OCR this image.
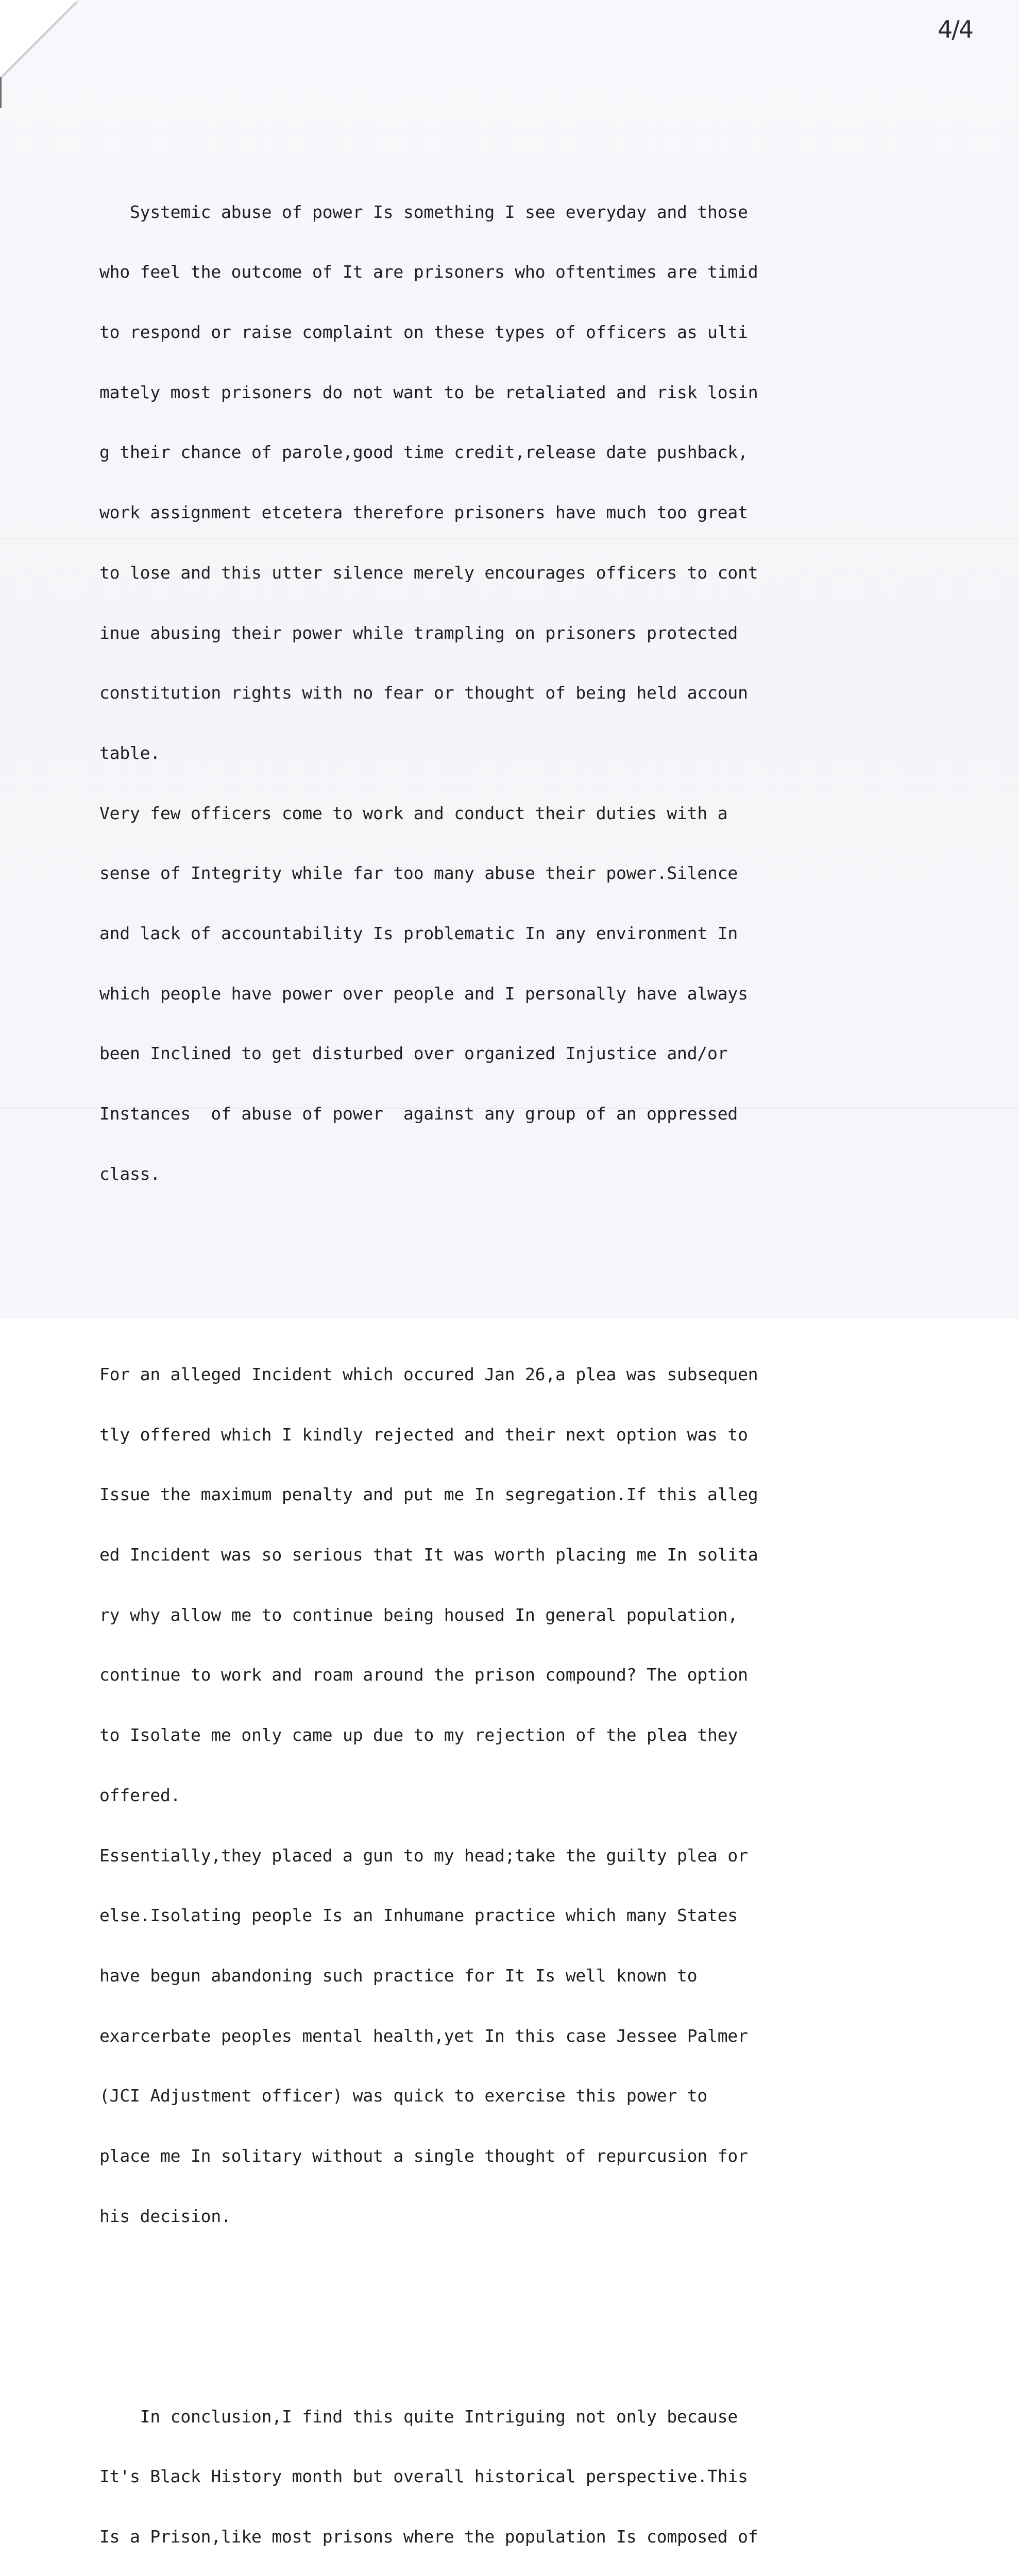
4/4

Systemic abuse of power Is something I see everyday and those

who feel the outcome of It are prisoners who oftentimes are timid

to respond or raise complaint on these types of officers as ulti

mately most prisoners do not want to be retaliated and risk losin

g their chance of parole,good time credit,release date pushback,

work assignment etcetera therefore prisoners have much too great

to lose and this utter silence merely encourages officers to cont

inue abusing their power while trampling on prisoners protected

constitution rights with no fear or thought of being held accoun

table.

Very few officers come to work and conduct their duties with a

sense of Integrity while far too many abuse their power.Silence

and lack of accountability Is problematic In any environment In

which people have power over people and I personally have always

been Inclined to get disturbed over organized Injustice and/or

Instances  of abuse of power  against any group of an oppressed

class.

For an alleged Incident which occured Jan 26,a plea was subsequen

tly offered which I kindly rejected and their next option was to

Issue the maximum penalty and put me In segregation.If this alleg

ed Incident was so serious that It was worth placing me In solita

ry why allow me to continue being housed In general population,

continue to work and roam around the prison compound? The option

to Isolate me only came up due to my rejection of the plea they

offered.

Essentially,they placed a gun to my head;take the guilty plea or

else.Isolating people Is an Inhumane practice which many States

have begun abandoning such practice for It Is well known to

exarcerbate peoples mental health,yet In this case Jessee Palmer

(JCI Adjustment officer) was quick to exercise this power to

place me In solitary without a single thought of repurcusion for

his decision.

In conclusion,I find this quite Intriguing not only because

It's Black History month but overall historical perspective.This

Is a Prison,like most prisons where the population Is composed of
